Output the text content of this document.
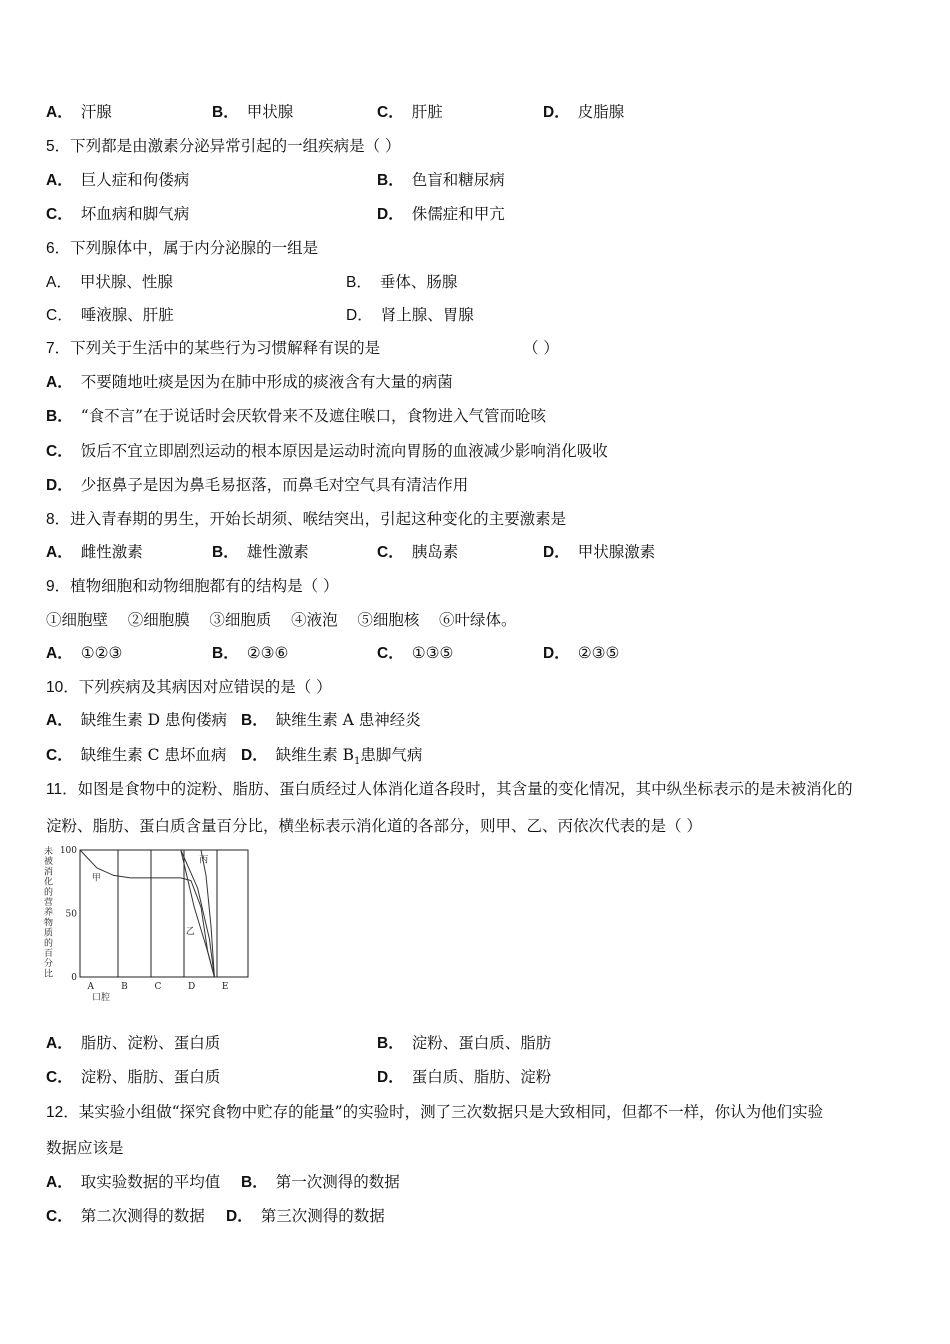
A． 汗腺	B． 甲状腺	C． 肝脏	D． 皮脂腺
5．下列都是由激素分泌异常引起的一组疾病是（ ）
A． 巨人症和佝偻病	B． 色盲和糖尿病
C． 坏血病和脚气病	D． 侏儒症和甲亢
6．下列腺体中，属于内分泌腺的一组是
A． 甲状腺、性腺	B． 垂体、肠腺
C． 唾液腺、肝脏	D． 肾上腺、胃腺
7．下列关于生活中的某些行为习惯解释有误的是	（ ）
A． 不要随地吐痰是因为在肺中形成的痰液含有大量的病菌
B． “食不言”在于说话时会厌软骨来不及遮住喉口，食物进入气管而呛咳
C． 饭后不宜立即剧烈运动的根本原因是运动时流向胃肠的血液减少影响消化吸收
D． 少抠鼻子是因为鼻毛易抠落，而鼻毛对空气具有清洁作用
8．进入青春期的男生，开始长胡须、喉结突出，引起这种变化的主要激素是
A． 雌性激素	B． 雄性激素	C． 胰岛素	D． 甲状腺激素
9．植物细胞和动物细胞都有的结构是（ ）
①细胞壁    ②细胞膜    ③细胞质    ④液泡    ⑤细胞核    ⑥叶绿体。
A． ①②③	B． ②③⑥	C． ①③⑤	D． ②③⑤
10．下列疾病及其病因对应错误的是（ ）
A． 缺维生素 D 患佝偻病 B． 缺维生素 A 患神经炎
C． 缺维生素 C 患坏血病 D． 缺维生素 $B_1$患脚气病
11．如图是食物中的淀粉、脂肪、蛋白质经过人体消化道各段时，其含量的变化情况，其中纵坐标表示的是未被消化的
淀粉、脂肪、蛋白质含量百分比，横坐标表示消化道的各部分，则甲、乙、丙依次代表的是（ ）
未
被
消
化
的
营
养
物
质
的
百
分
比 0
50
100
A	B	C	D	E
口腔
甲
乙
丙
A． 脂肪、淀粉、蛋白质	B． 淀粉、蛋白质、脂肪
C． 淀粉、脂肪、蛋白质	D． 蛋白质、脂肪、淀粉
12．某实验小组做“探究食物中贮存的能量”的实验时，测了三次数据只是大致相同，但都不一样，你认为他们实验
数据应该是
A． 取实验数据的平均值 B． 第一次测得的数据
C． 第二次测得的数据 D． 第三次测得的数据
